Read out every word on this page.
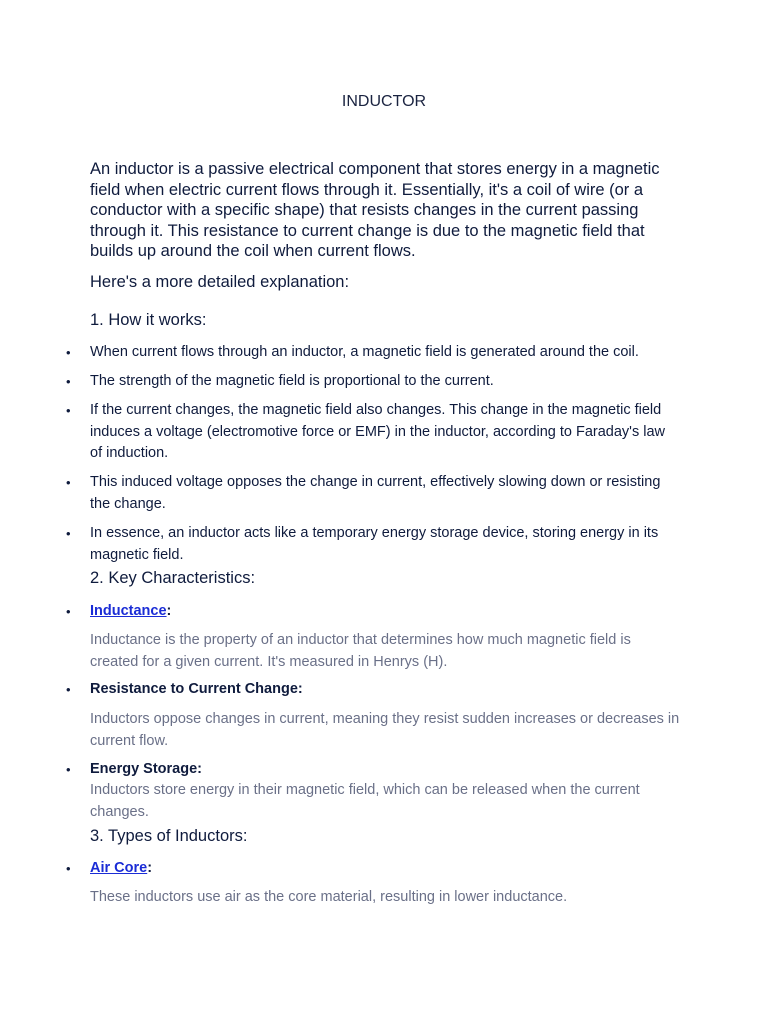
INDUCTOR
An inductor is a passive electrical component that stores energy in a magnetic field when electric current flows through it. Essentially, it's a coil of wire (or a conductor with a specific shape) that resists changes in the current passing through it. This resistance to current change is due to the magnetic field that builds up around the coil when current flows.
Here's a more detailed explanation:
1. How it works:
• When current flows through an inductor, a magnetic field is generated around the coil.
• The strength of the magnetic field is proportional to the current.
• If the current changes, the magnetic field also changes. This change in the magnetic field induces a voltage (electromotive force or EMF) in the inductor, according to Faraday's law of induction.
• This induced voltage opposes the change in current, effectively slowing down or resisting the change.
• In essence, an inductor acts like a temporary energy storage device, storing energy in its magnetic field.
2. Key Characteristics:
• Inductance:
Inductance is the property of an inductor that determines how much magnetic field is created for a given current. It's measured in Henrys (H).
• Resistance to Current Change:
Inductors oppose changes in current, meaning they resist sudden increases or decreases in current flow.
• Energy Storage:
Inductors store energy in their magnetic field, which can be released when the current changes.
3. Types of Inductors:
• Air Core:
These inductors use air as the core material, resulting in lower inductance.
